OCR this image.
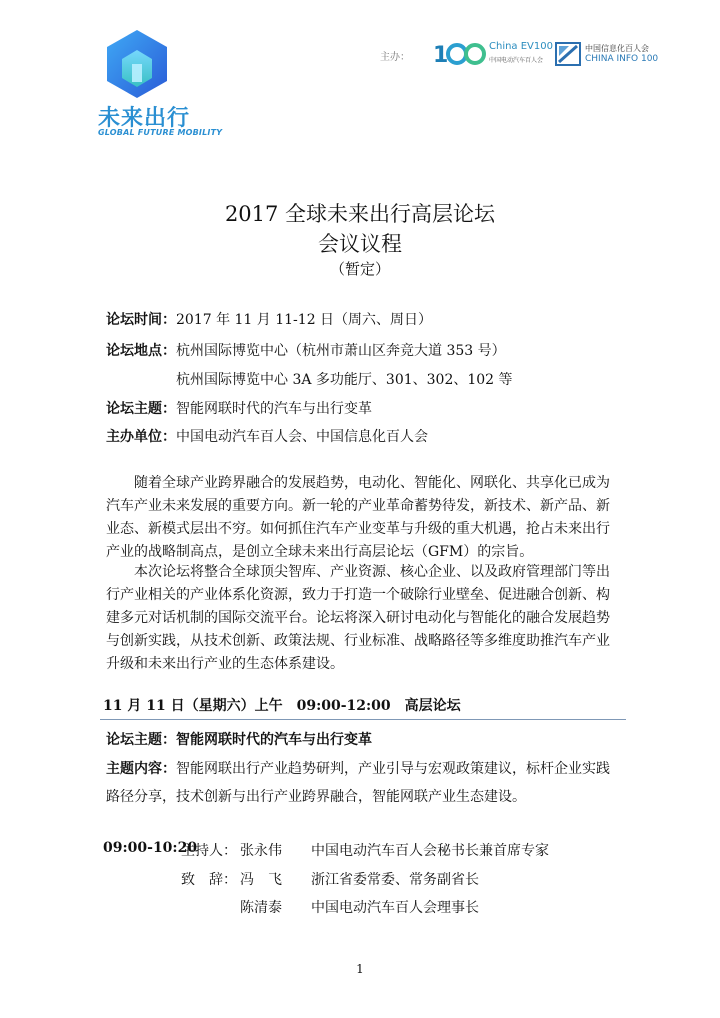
未来出行
GLOBAL FUTURE MOBILITY
主办： 1	China EV100
中国电动汽车百人会
中国信息化百人会
CHINA INFO 100
2017 全球未来出行高层论坛
会议议程
（暂定）
论坛时间：2017 年 11 月 11-12 日（周六、周日）
论坛地点：杭州国际博览中心（杭州市萧山区奔竞大道 353 号）
杭州国际博览中心 3A 多功能厅、301、302、102 等
论坛主题：智能网联时代的汽车与出行变革
主办单位：中国电动汽车百人会、中国信息化百人会
随着全球产业跨界融合的发展趋势，电动化、智能化、网联化、共享化已成为
汽车产业未来发展的重要方向。新一轮的产业革命蓄势待发，新技术、新产品、新
业态、新模式层出不穷。如何抓住汽车产业变革与升级的重大机遇，抢占未来出行
产业的战略制高点，是创立全球未来出行高层论坛（GFM）的宗旨。
本次论坛将整合全球顶尖智库、产业资源、核心企业、以及政府管理部门等出
行产业相关的产业体系化资源，致力于打造一个破除行业壁垒、促进融合创新、构
建多元对话机制的国际交流平台。论坛将深入研讨电动化与智能化的融合发展趋势
与创新实践，从技术创新、政策法规、行业标准、战略路径等多维度助推汽车产业
升级和未来出行产业的生态体系建设。
11 月 11 日（星期六）上午　09:00-12:00　高层论坛
论坛主题：智能网联时代的汽车与出行变革
主题内容：智能网联出行产业趋势研判，产业引导与宏观政策建议，标杆企业实践
路径分享，技术创新与出行产业跨界融合，智能网联产业生态建设。
09:00-10:20
主持人： 张永伟 中国电动汽车百人会秘书长兼首席专家
致　辞： 冯　飞 浙江省委常委、常务副省长
陈清泰 中国电动汽车百人会理事长
1
